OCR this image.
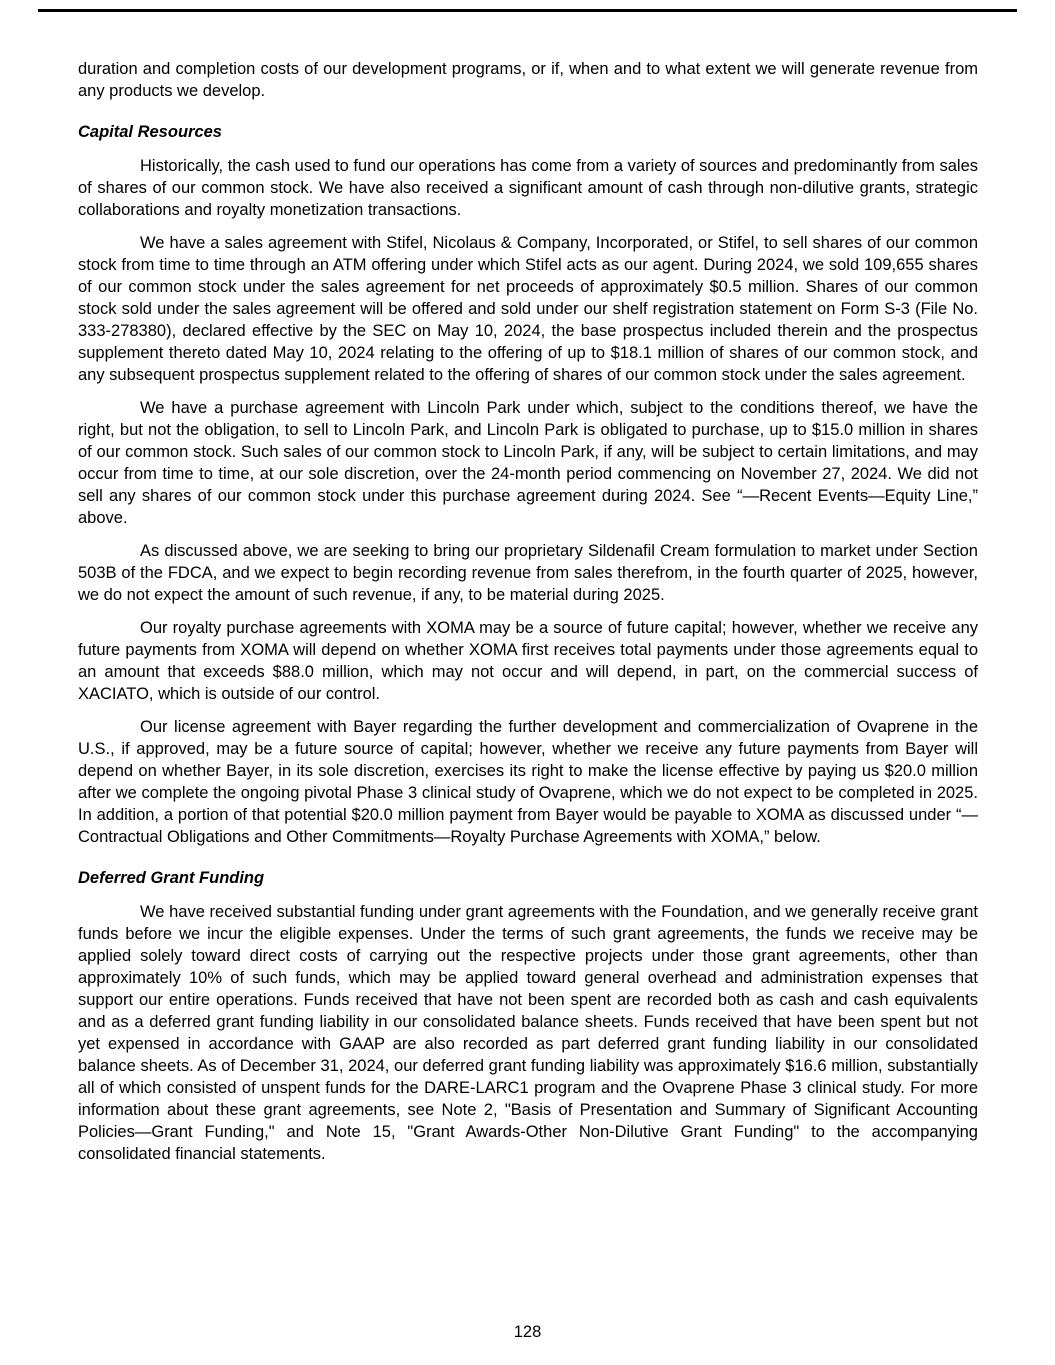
duration and completion costs of our development programs, or if, when and to what extent we will generate revenue from any products we develop.

Capital Resources

Historically, the cash used to fund our operations has come from a variety of sources and predominantly from sales of shares of our common stock. We have also received a significant amount of cash through non-dilutive grants, strategic collaborations and royalty monetization transactions.

We have a sales agreement with Stifel, Nicolaus & Company, Incorporated, or Stifel, to sell shares of our common stock from time to time through an ATM offering under which Stifel acts as our agent. During 2024, we sold 109,655 shares of our common stock under the sales agreement for net proceeds of approximately $0.5 million. Shares of our common stock sold under the sales agreement will be offered and sold under our shelf registration statement on Form S-3 (File No. 333-278380), declared effective by the SEC on May 10, 2024, the base prospectus included therein and the prospectus supplement thereto dated May 10, 2024 relating to the offering of up to $18.1 million of shares of our common stock, and any subsequent prospectus supplement related to the offering of shares of our common stock under the sales agreement.

We have a purchase agreement with Lincoln Park under which, subject to the conditions thereof, we have the right, but not the obligation, to sell to Lincoln Park, and Lincoln Park is obligated to purchase, up to $15.0 million in shares of our common stock. Such sales of our common stock to Lincoln Park, if any, will be subject to certain limitations, and may occur from time to time, at our sole discretion, over the 24-month period commencing on November 27, 2024. We did not sell any shares of our common stock under this purchase agreement during 2024. See “—Recent Events—Equity Line,” above.

As discussed above, we are seeking to bring our proprietary Sildenafil Cream formulation to market under Section 503B of the FDCA, and we expect to begin recording revenue from sales therefrom, in the fourth quarter of 2025, however, we do not expect the amount of such revenue, if any, to be material during 2025.

Our royalty purchase agreements with XOMA may be a source of future capital; however, whether we receive any future payments from XOMA will depend on whether XOMA first receives total payments under those agreements equal to an amount that exceeds $88.0 million, which may not occur and will depend, in part, on the commercial success of XACIATO, which is outside of our control.

Our license agreement with Bayer regarding the further development and commercialization of Ovaprene in the U.S., if approved, may be a future source of capital; however, whether we receive any future payments from Bayer will depend on whether Bayer, in its sole discretion, exercises its right to make the license effective by paying us $20.0 million after we complete the ongoing pivotal Phase 3 clinical study of Ovaprene, which we do not expect to be completed in 2025. In addition, a portion of that potential $20.0 million payment from Bayer would be payable to XOMA as discussed under “—Contractual Obligations and Other Commitments—Royalty Purchase Agreements with XOMA,” below.

Deferred Grant Funding

We have received substantial funding under grant agreements with the Foundation, and we generally receive grant funds before we incur the eligible expenses. Under the terms of such grant agreements, the funds we receive may be applied solely toward direct costs of carrying out the respective projects under those grant agreements, other than approximately 10% of such funds, which may be applied toward general overhead and administration expenses that support our entire operations. Funds received that have not been spent are recorded both as cash and cash equivalents and as a deferred grant funding liability in our consolidated balance sheets. Funds received that have been spent but not yet expensed in accordance with GAAP are also recorded as part deferred grant funding liability in our consolidated balance sheets. As of December 31, 2024, our deferred grant funding liability was approximately $16.6 million, substantially all of which consisted of unspent funds for the DARE-LARC1 program and the Ovaprene Phase 3 clinical study. For more information about these grant agreements, see Note 2, "Basis of Presentation and Summary of Significant Accounting Policies—Grant Funding," and Note 15, "Grant Awards-Other Non-Dilutive Grant Funding" to the accompanying consolidated financial statements.

128
